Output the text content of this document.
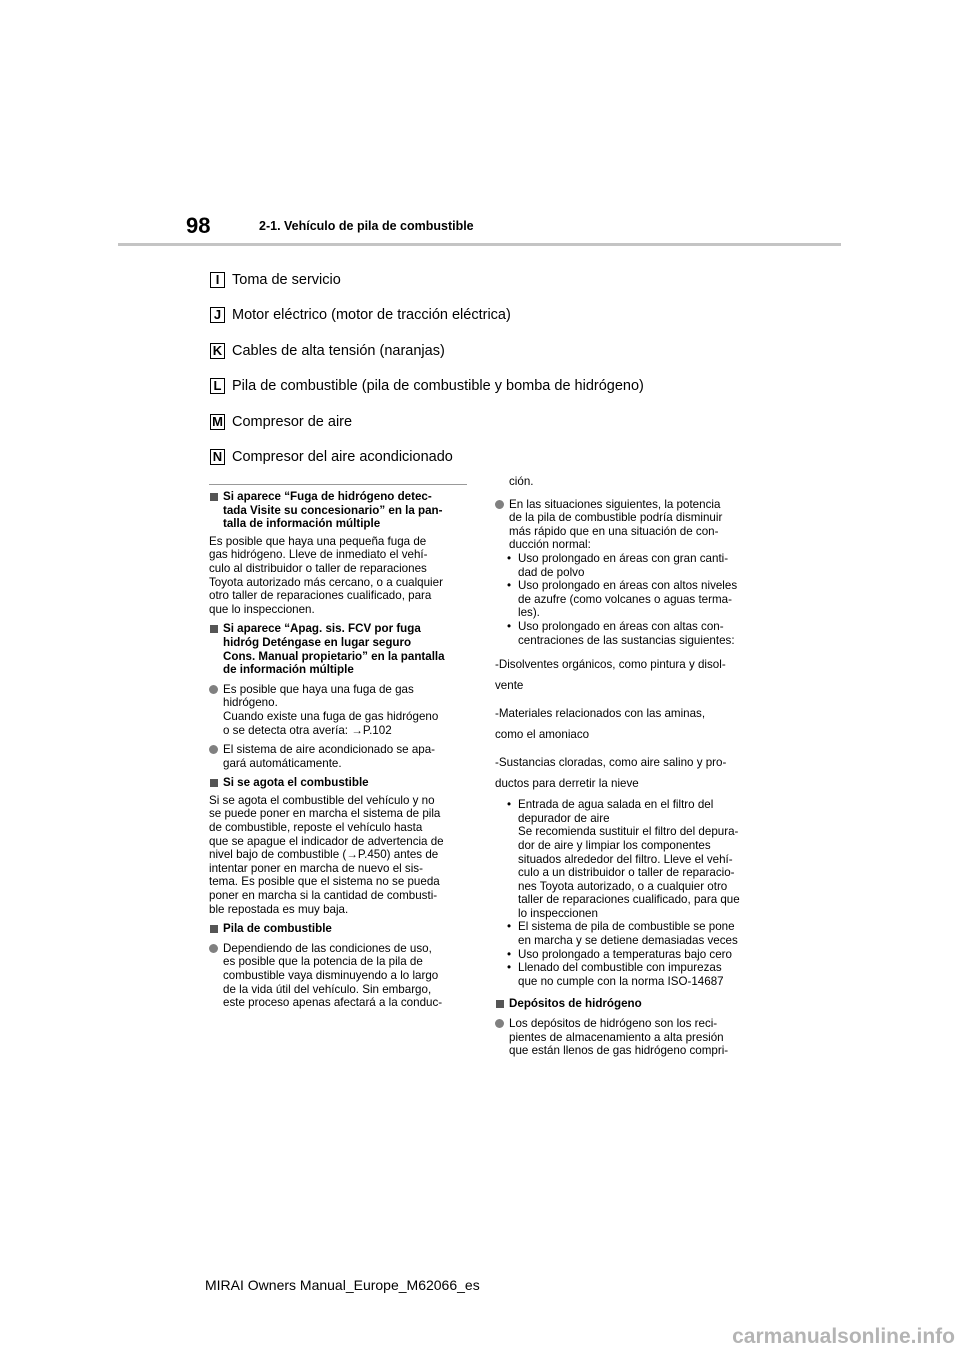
98	2-1. Vehículo de pila de combustible
I Toma de servicio
J Motor eléctrico (motor de tracción eléctrica)
K Cables de alta tensión (naranjas)
L Pila de combustible (pila de combustible y bomba de hidrógeno)
M Compresor de aire
N Compresor del aire acondicionado
Si aparece “Fuga de hidrógeno detec-
tada Visite su concesionario” en la pan-
talla de información múltiple
Es posible que haya una pequeña fuga de
gas hidrógeno. Lleve de inmediato el vehí-
culo al distribuidor o taller de reparaciones
Toyota autorizado más cercano, o a cualquier
otro taller de reparaciones cualificado, para
que lo inspeccionen.
Si aparece “Apag. sis. FCV por fuga
hidróg Deténgase en lugar seguro
Cons. Manual propietario” en la pantalla
de información múltiple
Es posible que haya una fuga de gas
hidrógeno.
Cuando existe una fuga de gas hidrógeno
o se detecta otra avería: →P.102
El sistema de aire acondicionado se apa-
gará automáticamente.
Si se agota el combustible
Si se agota el combustible del vehículo y no
se puede poner en marcha el sistema de pila
de combustible, reposte el vehículo hasta
que se apague el indicador de advertencia de
nivel bajo de combustible (→P.450) antes de
intentar poner en marcha de nuevo el sis-
tema. Es posible que el sistema no se pueda
poner en marcha si la cantidad de combusti-
ble repostada es muy baja.
Pila de combustible
Dependiendo de las condiciones de uso,
es posible que la potencia de la pila de
combustible vaya disminuyendo a lo largo
de la vida útil del vehículo. Sin embargo,
este proceso apenas afectará a la conduc-
ción.
En las situaciones siguientes, la potencia
de la pila de combustible podría disminuir
más rápido que en una situación de con-
ducción normal:
• Uso prolongado en áreas con gran canti-
dad de polvo
• Uso prolongado en áreas con altos niveles
de azufre (como volcanes o aguas terma-
les).
• Uso prolongado en áreas con altas con-
centraciones de las sustancias siguientes:
-Disolventes orgánicos, como pintura y disol-
vente
-Materiales relacionados con las aminas,
como el amoniaco
-Sustancias cloradas, como aire salino y pro-
ductos para derretir la nieve
• Entrada de agua salada en el filtro del
depurador de aire
Se recomienda sustituir el filtro del depura-
dor de aire y limpiar los componentes
situados alrededor del filtro. Lleve el vehí-
culo a un distribuidor o taller de reparacio-
nes Toyota autorizado, o a cualquier otro
taller de reparaciones cualificado, para que
lo inspeccionen
• El sistema de pila de combustible se pone
en marcha y se detiene demasiadas veces
• Uso prolongado a temperaturas bajo cero
• Llenado del combustible con impurezas
que no cumple con la norma ISO-14687
Depósitos de hidrógeno
Los depósitos de hidrógeno son los reci-
pientes de almacenamiento a alta presión
que están llenos de gas hidrógeno compri-
MIRAI Owners Manual_Europe_M62066_es
carmanualsonline.info
